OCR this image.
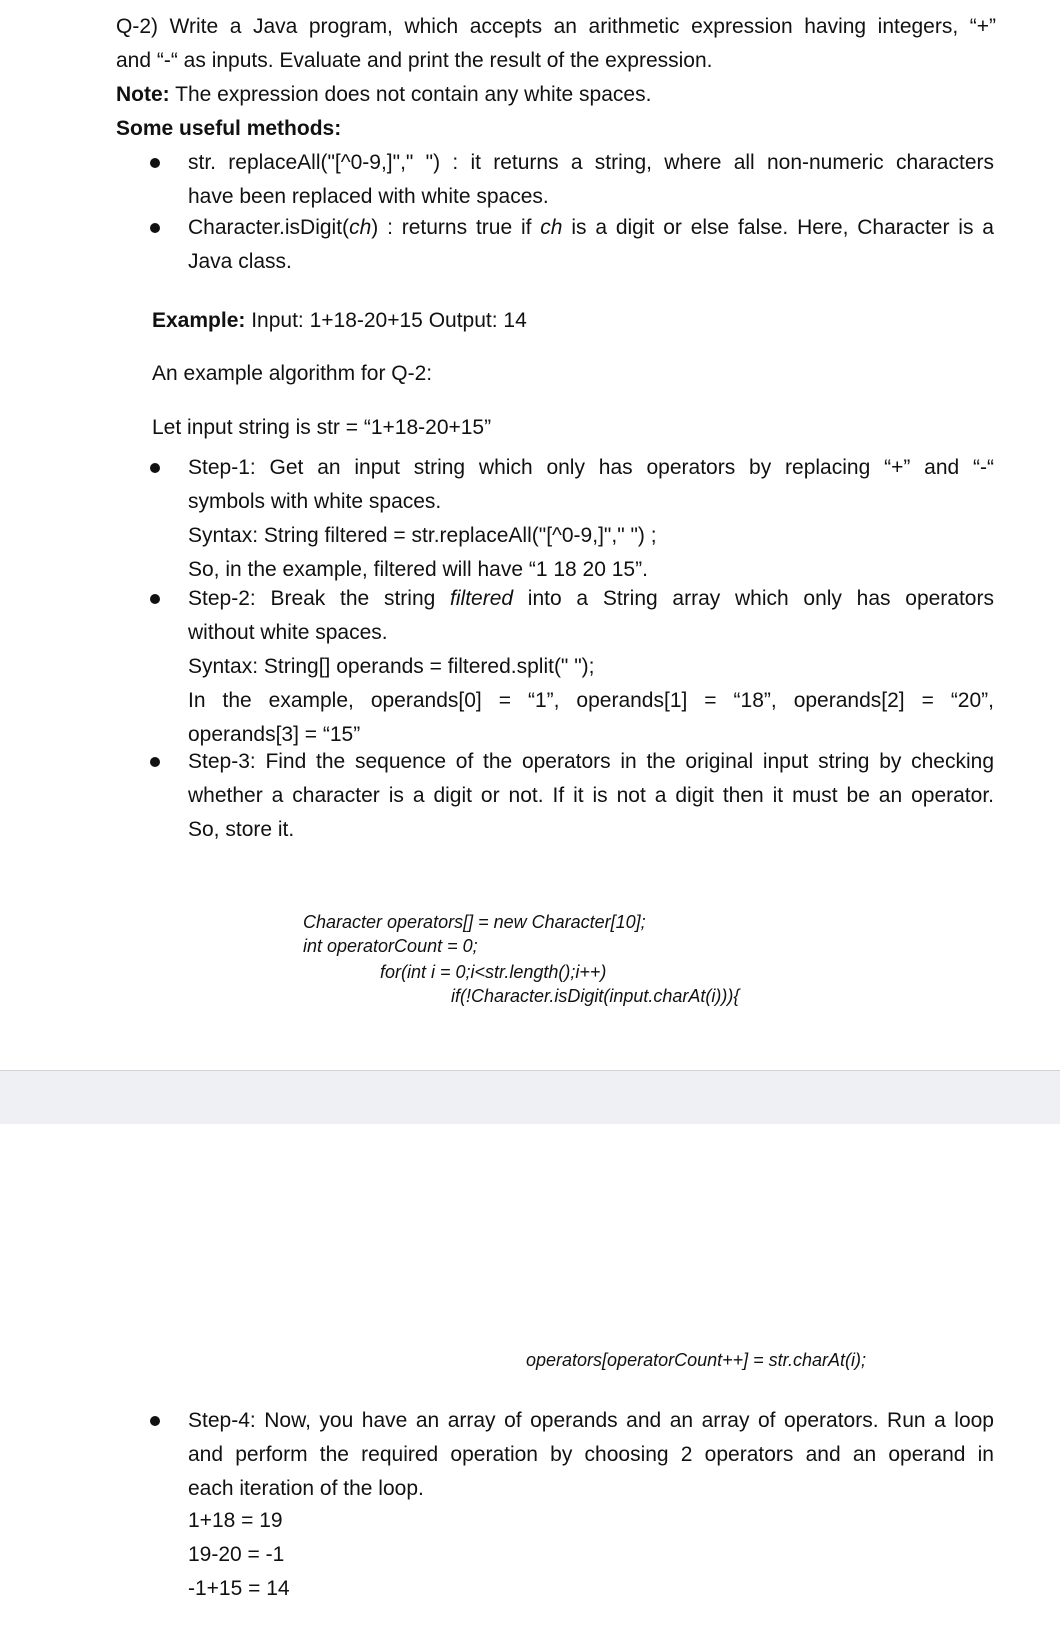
Q-2) Write a Java program, which accepts an arithmetic expression having integers, “+”

and “-“ as inputs. Evaluate and print the result of the expression.

Note: The expression does not contain any white spaces.
Some useful methods:
str. replaceAll("[^0-9,]"," ") : it returns a string, where all non-numeric characters
have been replaced with white spaces.
Character.isDigit(ch) : returns true if ch is a digit or else false. Here, Character is a
Java class.
Example: Input: 1+18-20+15 Output: 14
An example algorithm for Q-2:
Let input string is str = “1+18-20+15”
Step-1: Get an input string which only has operators by replacing “+” and “-“
symbols with white spaces.
Syntax: String filtered = str.replaceAll("[^0-9,]"," ") ;
So, in the example, filtered will have “1 18 20 15”.
Step-2: Break the string filtered into a String array which only has operators
without white spaces.
Syntax: String[] operands = filtered.split(" ");
In the example, operands[0] = “1”, operands[1] = “18”, operands[2] = “20”,
operands[3] = “15”
Step-3: Find the sequence of the operators in the original input string by checking
whether a character is a digit or not. If it is not a digit then it must be an operator.
So, store it.
Character operators[] = new Character[10];
int operatorCount = 0;
for(int i = 0;i<str.length();i++)
if(!Character.isDigit(input.charAt(i))){
operators[operatorCount++] = str.charAt(i);
Step-4: Now, you have an array of operands and an array of operators. Run a loop
and perform the required operation by choosing 2 operators and an operand in
each iteration of the loop.
1+18 = 19
19-20 = -1
-1+15 = 14
